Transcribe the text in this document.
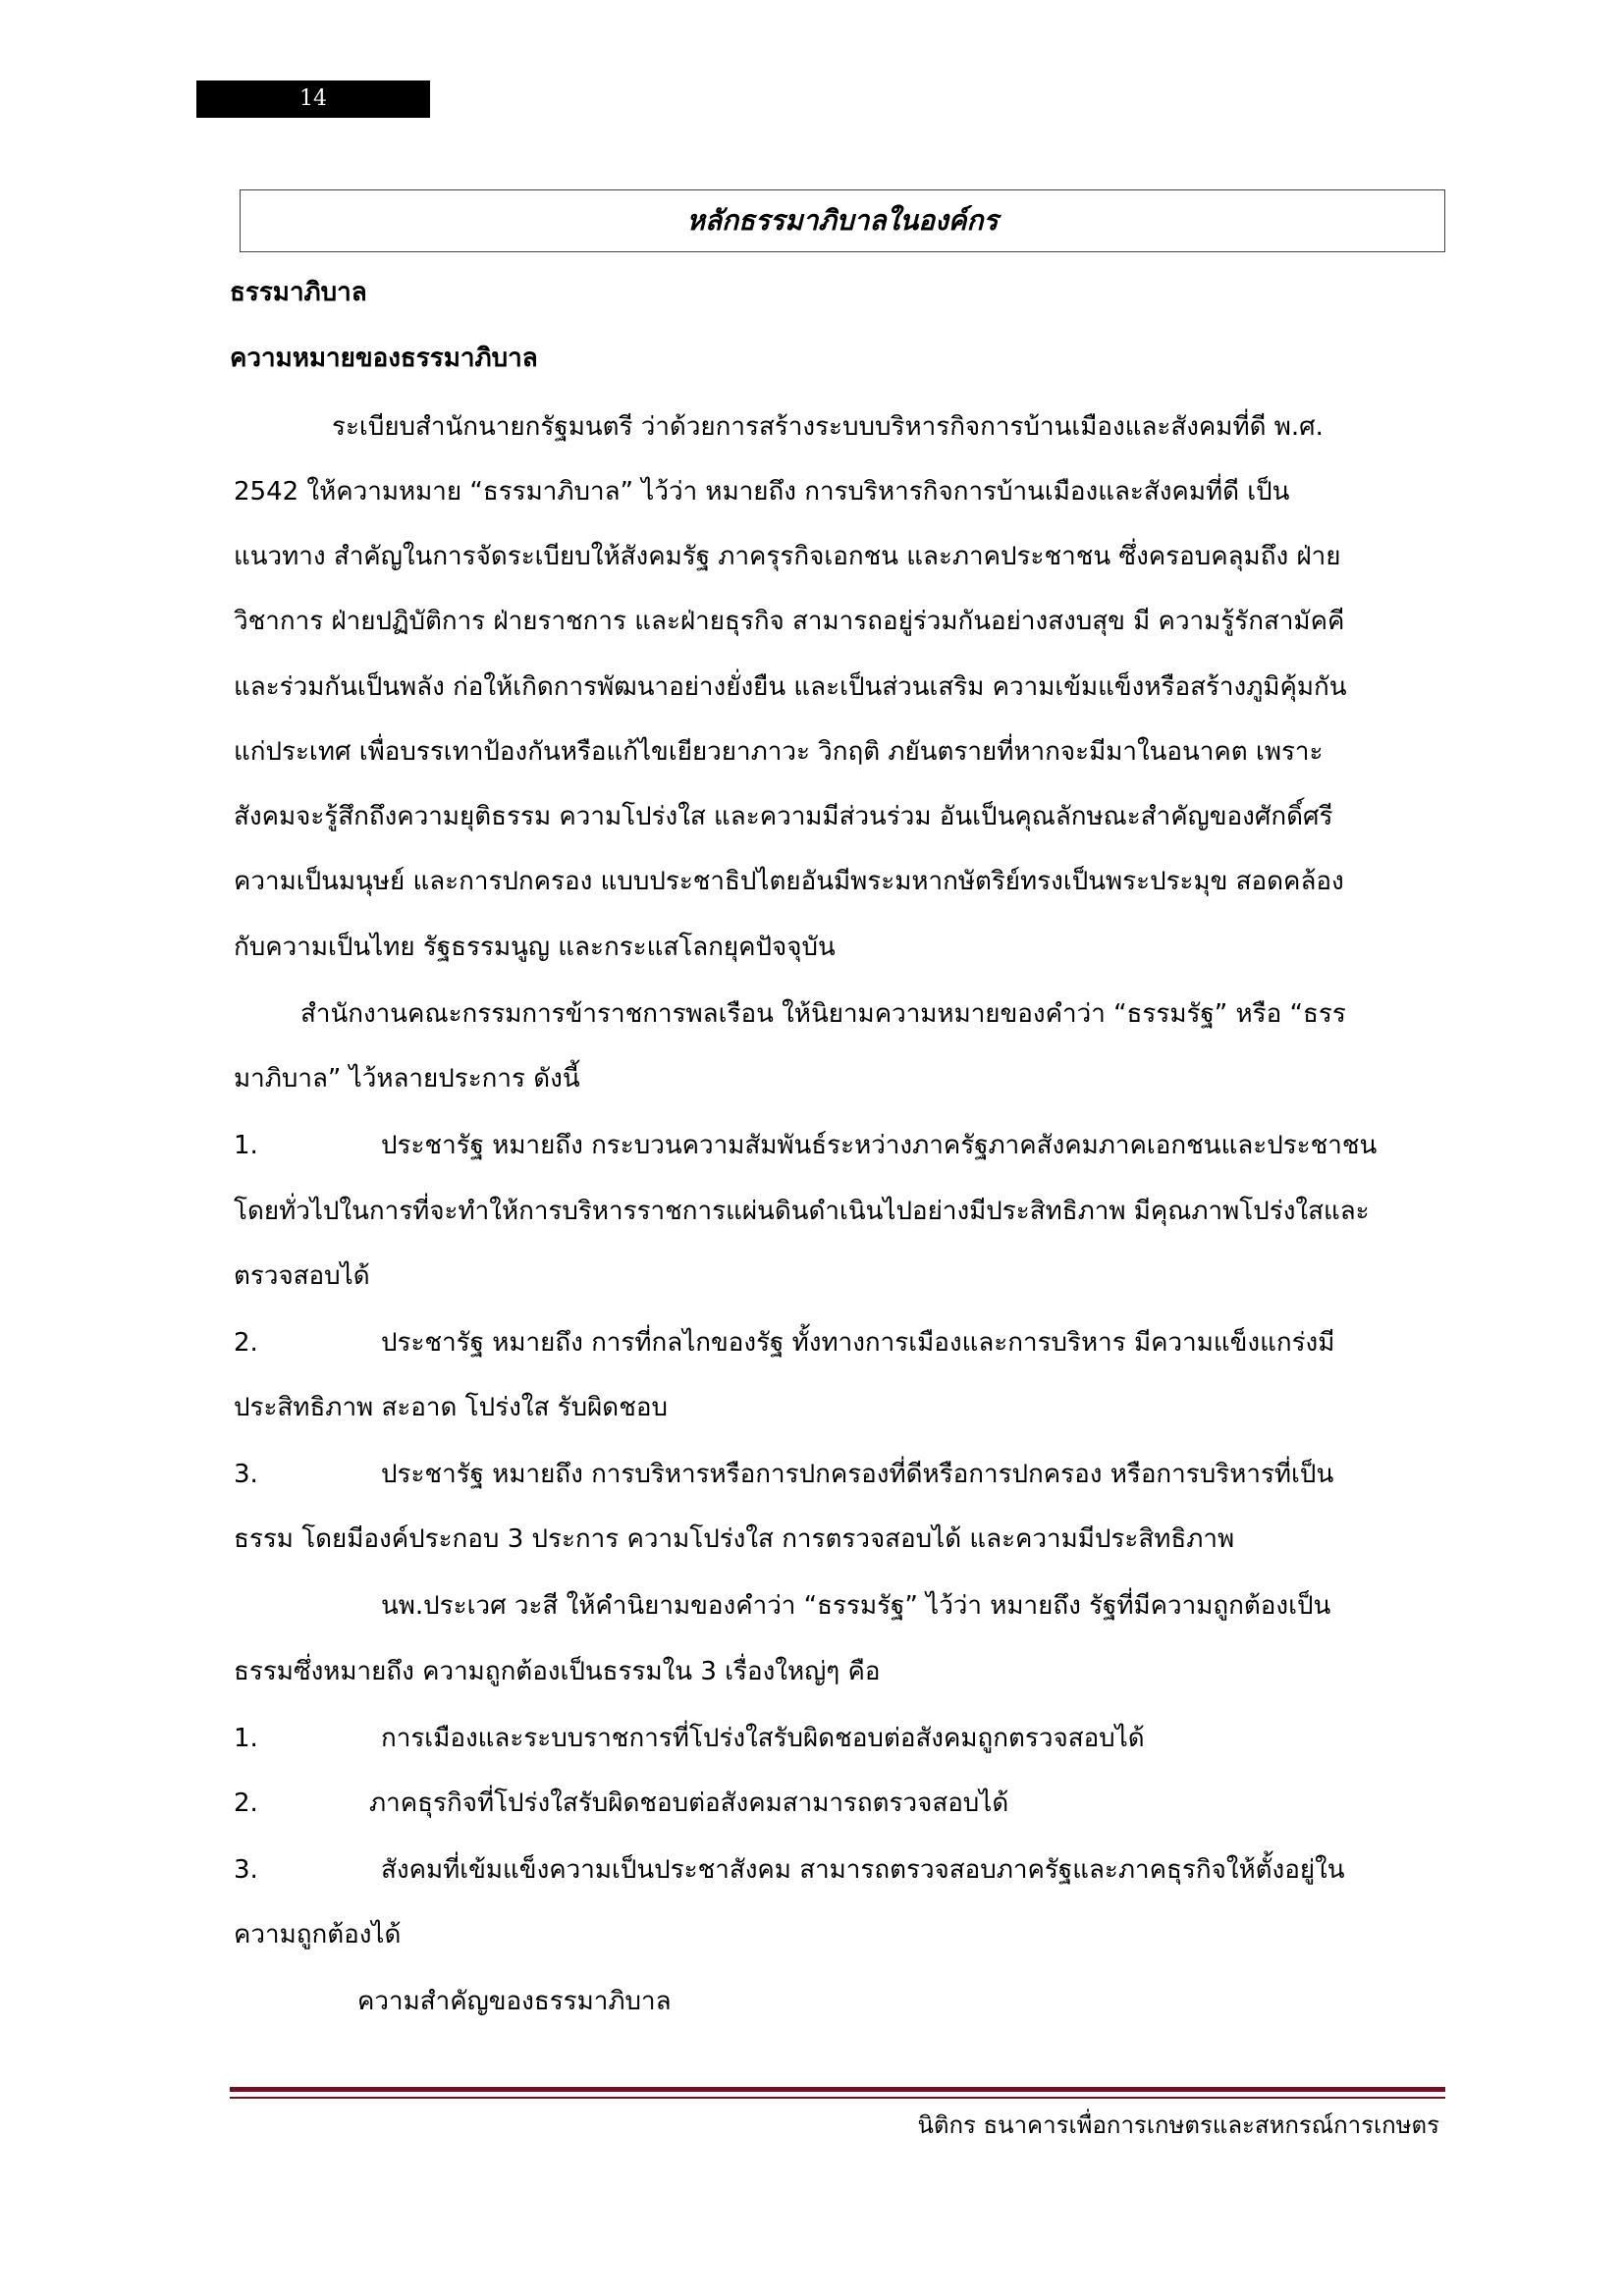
14
หลักธรรมาภิบาลในองค์กร
ธรรมาภิบาล
ความหมายของธรรมาภิบาล
ระเบียบสำนักนายกรัฐมนตรี ว่าด้วยการสร้างระบบบริหารกิจการบ้านเมืองและสังคมที่ดี พ.ศ.
2542 ให้ความหมาย “ธรรมาภิบาล” ไว้ว่า หมายถึง การบริหารกิจการบ้านเมืองและสังคมที่ดี เป็น
แนวทาง สำคัญในการจัดระเบียบให้สังคมรัฐ ภาครุรกิจเอกชน และภาคประชาชน ซึ่งครอบคลุมถึง ฝ่าย
วิชาการ ฝ่ายปฏิบัติการ ฝ่ายราชการ และฝ่ายธุรกิจ สามารถอยู่ร่วมกันอย่างสงบสุข มี ความรู้รักสามัคคี
และร่วมกันเป็นพลัง ก่อให้เกิดการพัฒนาอย่างยั่งยืน และเป็นส่วนเสริม ความเข้มแข็งหรือสร้างภูมิคุ้มกัน
แก่ประเทศ เพื่อบรรเทาป้องกันหรือแก้ไขเยียวยาภาวะ วิกฤติ ภยันตรายที่หากจะมีมาในอนาคต เพราะ
สังคมจะรู้สึกถึงความยุติธรรม ความโปร่งใส และความมีส่วนร่วม อันเป็นคุณลักษณะสำคัญของศักดิ์ศรี
ความเป็นมนุษย์ และการปกครอง แบบประชาธิปไตยอันมีพระมหากษัตริย์ทรงเป็นพระประมุข สอดคล้อง
กับความเป็นไทย รัฐธรรมนูญ และกระแสโลกยุคปัจจุบัน
สำนักงานคณะกรรมการข้าราชการพลเรือน ให้นิยามความหมายของคำว่า “ธรรมรัฐ” หรือ “ธรร
มาภิบาล” ไว้หลายประการ ดังนี้
1.	ประชารัฐ หมายถึง กระบวนความสัมพันธ์ระหว่างภาครัฐภาคสังคมภาคเอกชนและประชาชน
โดยทั่วไปในการที่จะทำให้การบริหารราชการแผ่นดินดำเนินไปอย่างมีประสิทธิภาพ มีคุณภาพโปร่งใสและ
ตรวจสอบได้
2.	ประชารัฐ หมายถึง การที่กลไกของรัฐ ทั้งทางการเมืองและการบริหาร มีความแข็งแกร่งมี
ประสิทธิภาพ สะอาด โปร่งใส รับผิดชอบ
3.	ประชารัฐ หมายถึง การบริหารหรือการปกครองที่ดีหรือการปกครอง หรือการบริหารที่เป็น
ธรรม โดยมีองค์ประกอบ 3 ประการ ความโปร่งใส การตรวจสอบได้ และความมีประสิทธิภาพ
นพ.ประเวศ วะสี ให้คำนิยามของคำว่า “ธรรมรัฐ” ไว้ว่า หมายถึง รัฐที่มีความถูกต้องเป็น
ธรรมซึ่งหมายถึง ความถูกต้องเป็นธรรมใน 3 เรื่องใหญ่ๆ คือ
1.	การเมืองและระบบราชการที่โปร่งใสรับผิดชอบต่อสังคมถูกตรวจสอบได้
2.	ภาคธุรกิจที่โปร่งใสรับผิดชอบต่อสังคมสามารถตรวจสอบได้
3.	สังคมที่เข้มแข็งความเป็นประชาสังคม สามารถตรวจสอบภาครัฐและภาคธุรกิจให้ตั้งอยู่ใน
ความถูกต้องได้
ความสำคัญของธรรมาภิบาล
นิติกร ธนาคารเพื่อการเกษตรและสหกรณ์การเกษตร
